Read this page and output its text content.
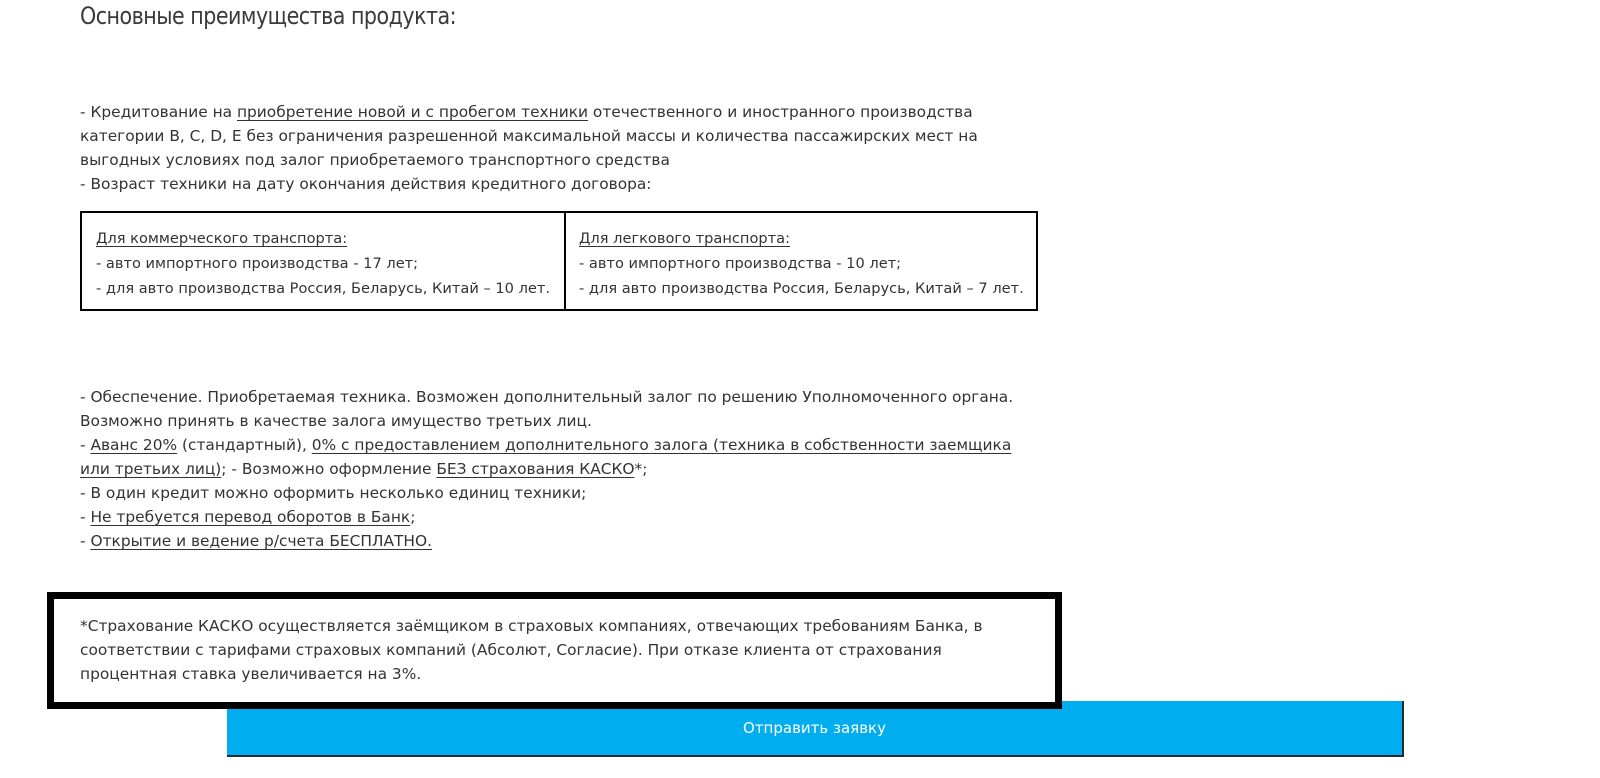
Основные преимущества продукта:
- Кредитование на приобретение новой и с пробегом техники отечественного и иностранного производства
категории B, C, D, E без ограничения разрешенной максимальной массы и количества пассажирских мест на
выгодных условиях под залог приобретаемого транспортного средства
- Возраст техники на дату окончания действия кредитного договора:
Для коммерческого транспорта:
- авто импортного производства - 17 лет;
- для авто производства Россия, Беларусь, Китай – 10 лет.
Для легкового транспорта:
- авто импортного производства - 10 лет;
- для авто производства Россия, Беларусь, Китай – 7 лет.
- Обеспечение. Приобретаемая техника. Возможен дополнительный залог по решению Уполномоченного органа.
Возможно принять в качестве залога имущество третьих лиц.
- Аванс 20% (стандартный), 0% с предоставлением дополнительного залога (техника в собственности заемщика
или третьих лиц); - Возможно оформление БЕЗ страхования КАСКО*;
- В один кредит можно оформить несколько единиц техники;
- Не требуется перевод оборотов в Банк;
- Открытие и ведение р/счета БЕСПЛАТНО.
*Страхование КАСКО осуществляется заёмщиком в страховых компаниях, отвечающих требованиям Банка, в
соответствии с тарифами страховых компаний (Абсолют, Согласие). При отказе клиента от страхования
процентная ставка увеличивается на 3%.
Отправить заявку
